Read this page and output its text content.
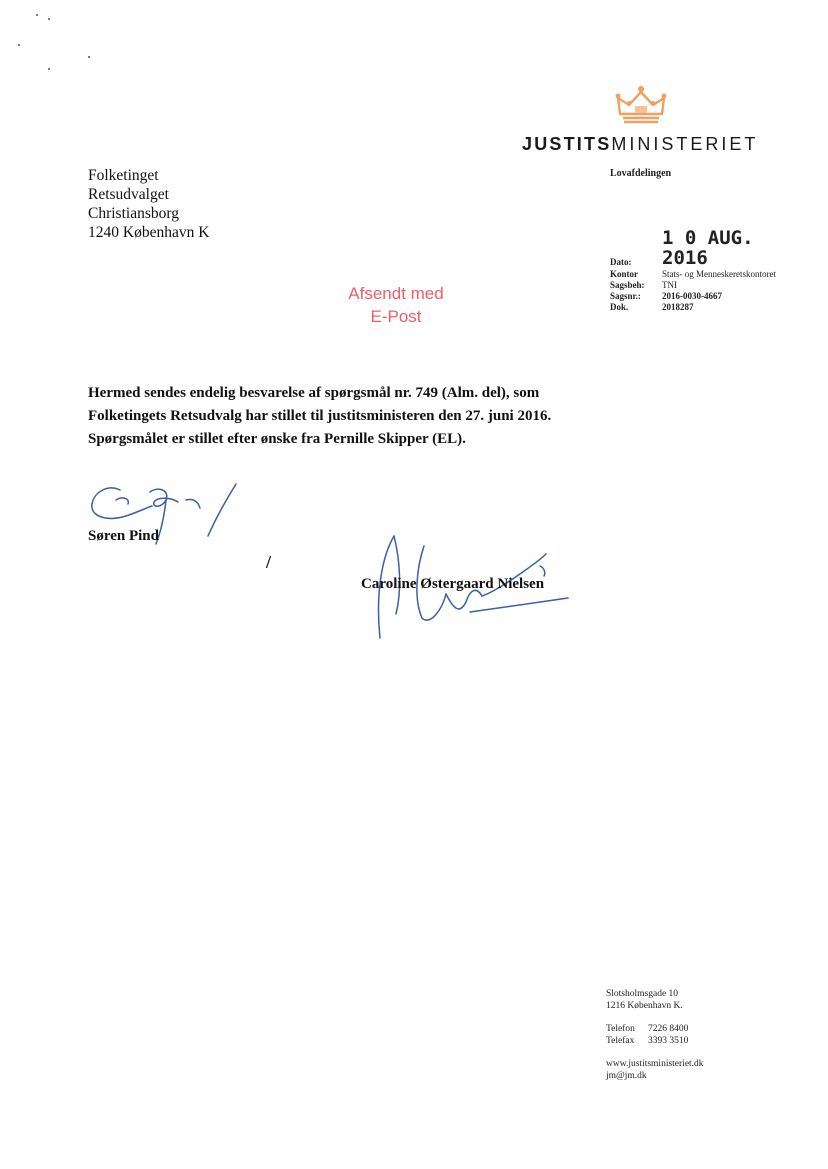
JUSTITSMINISTERIET
Lovafdelingen
Folketinget
Retsudvalget
Christiansborg
1240 København K
Afsendt med
E-Post
Dato:
1 0 AUG. 2016
Kontor	Stats- og Menneskeretskontoret
Sagsbeh:	TNI
Sagsnr.:	2016-0030-4667
Dok.	2018287

Hermed sendes endelig besvarelse af spørgsmål nr. 749 (Alm. del), som

Folketingets Retsudvalg har stillet til justitsministeren den 27. juni 2016.

Spørgsmålet er stillet efter ønske fra Pernille Skipper (EL).

Søren Pind
/
Caroline Østergaard Nielsen
Slotsholmsgade 10
1216 København K.
Telefon	7226 8400
Telefax	3393 3510
www.justitsministeriet.dk
jm@jm.dk
